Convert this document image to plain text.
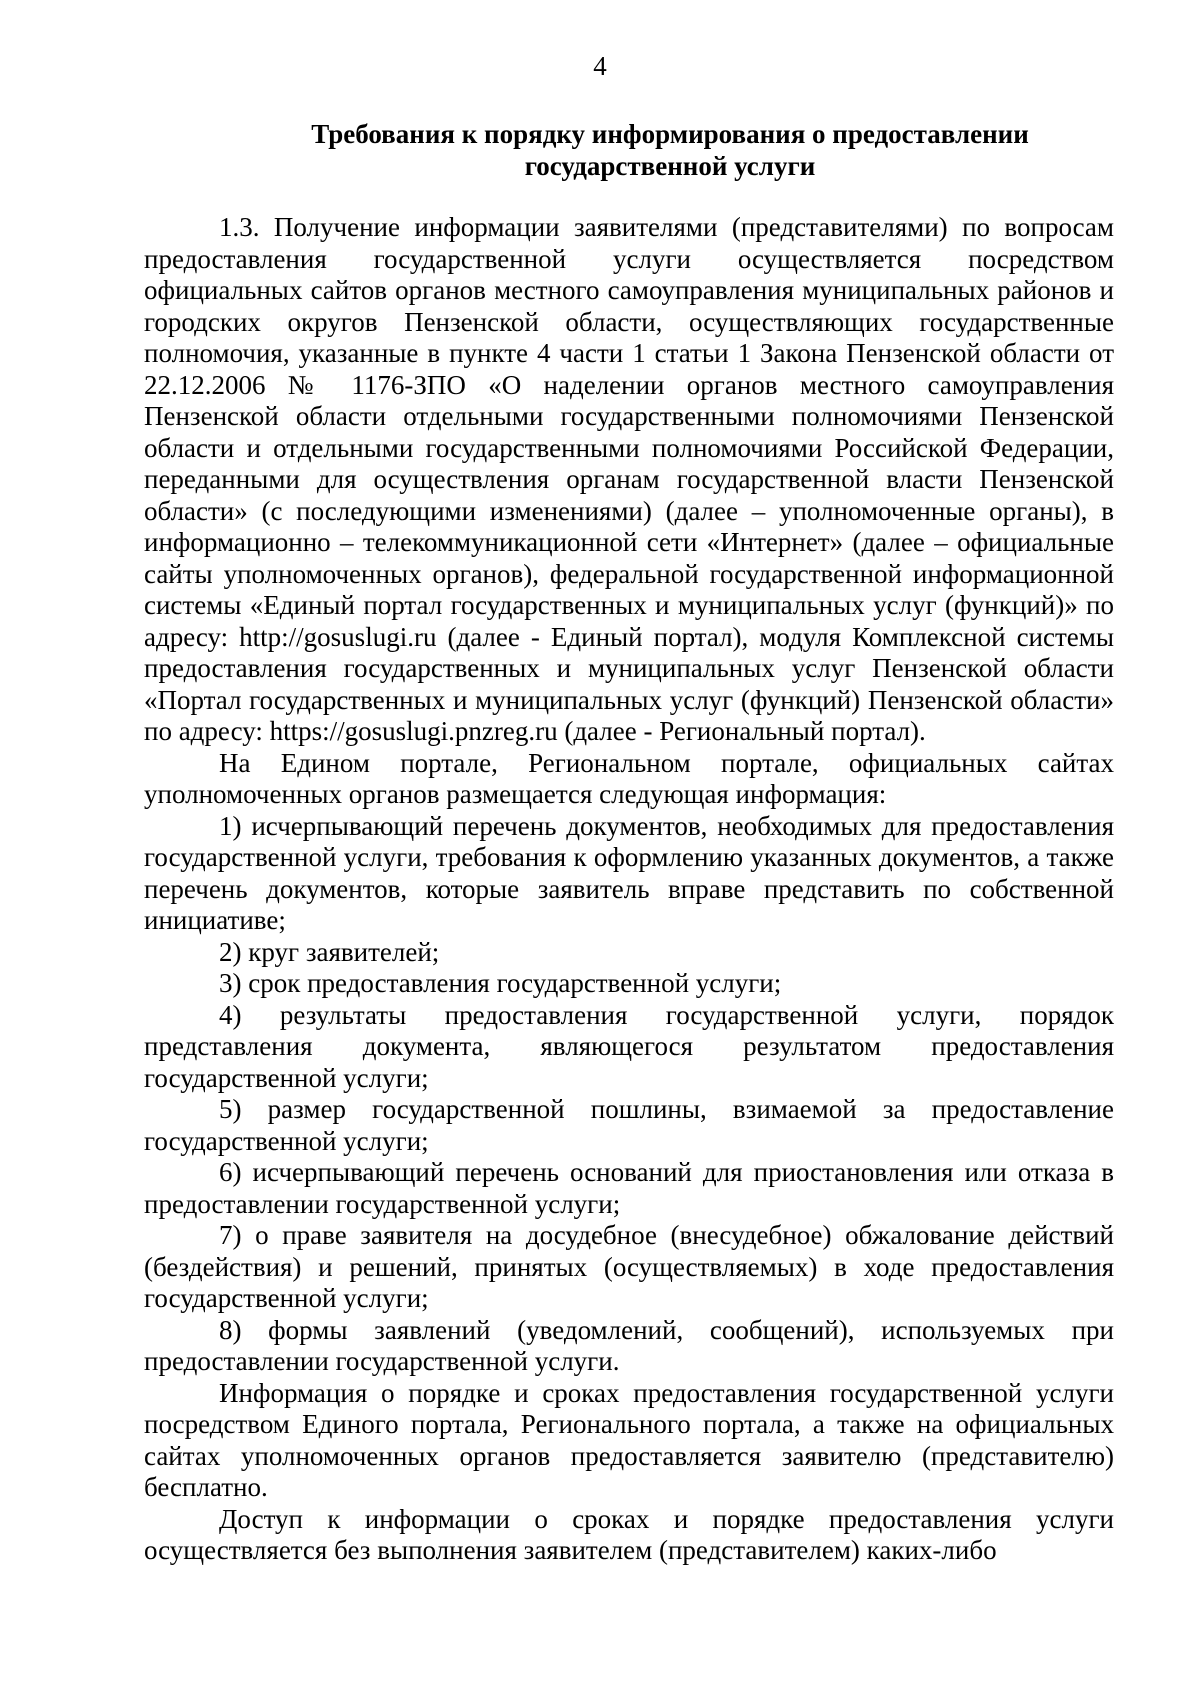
4
Требования к порядку информирования о предоставлении
государственной услуги

1.3. Получение информации заявителями (представителями) по вопросам предоставления государственной услуги осуществляется посредством официальных сайтов органов местного самоуправления муниципальных районов и городских округов Пензенской области, осуществляющих государственные полномочия, указанные в пункте 4 части 1 статьи 1 Закона Пензенской области от 22.12.2006 № 1176-ЗПО «О наделении органов местного самоуправления Пензенской области отдельными государственными полномочиями Пензенской области и отдельными государственными полномочиями Российской Федерации, переданными для осуществления органам государственной власти Пензенской области» (с последующими изменениями) (далее – уполномоченные органы), в информационно – телекоммуникационной сети «Интернет» (далее – официальные сайты уполномоченных органов), федеральной государственной информационной системы «Единый портал государственных и муниципальных услуг (функций)» по адресу: http://gosuslugi.ru (далее - Единый портал), модуля Комплексной системы предоставления государственных и муниципальных услуг Пензенской области «Портал государственных и муниципальных услуг (функций) Пензенской области» по адресу: https://gosuslugi.pnzreg.ru (далее - Региональный портал).

На Едином портале, Региональном портале, официальных сайтах уполномоченных органов размещается следующая информация:

1) исчерпывающий перечень документов, необходимых для предоставления государственной услуги, требования к оформлению указанных документов, а также перечень документов, которые заявитель вправе представить по собственной инициативе;

2) круг заявителей;

3) срок предоставления государственной услуги;

4) результаты предоставления государственной услуги, порядок представления документа, являющегося результатом предоставления государственной услуги;

5) размер государственной пошлины, взимаемой за предоставление государственной услуги;

6) исчерпывающий перечень оснований для приостановления или отказа в предоставлении государственной услуги;

7) о праве заявителя на досудебное (внесудебное) обжалование действий (бездействия) и решений, принятых (осуществляемых) в ходе предоставления государственной услуги;

8) формы заявлений (уведомлений, сообщений), используемых при предоставлении государственной услуги.

Информация о порядке и сроках предоставления государственной услуги посредством Единого портала, Регионального портала, а также на официальных сайтах уполномоченных органов предоставляется заявителю (представителю) бесплатно.

Доступ к информации о сроках и порядке предоставления услуги осуществляется без выполнения заявителем (представителем) каких-либо
